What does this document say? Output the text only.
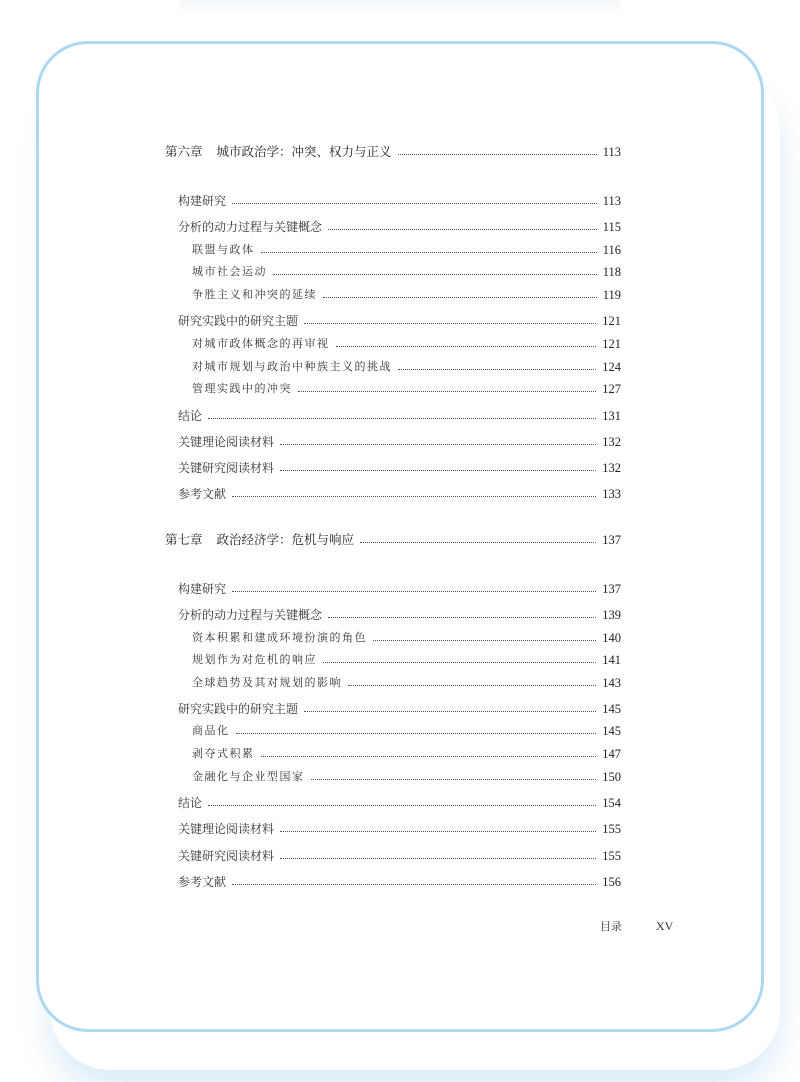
第六章 城市政治学：冲突、权力与正义	113
构建研究	113
分析的动力过程与关键概念	115
联盟与政体	116
城市社会运动	118
争胜主义和冲突的延续	119
研究实践中的研究主题	121
对城市政体概念的再审视	121
对城市规划与政治中种族主义的挑战	124
管理实践中的冲突	127
结论	131
关键理论阅读材料	132
关键研究阅读材料	132
参考文献	133
第七章 政治经济学：危机与响应	137
构建研究	137
分析的动力过程与关键概念	139
资本积累和建成环境扮演的角色	140
规划作为对危机的响应	141
全球趋势及其对规划的影响	143
研究实践中的研究主题	145
商品化	145
剥夺式积累	147
金融化与企业型国家	150
结论	154
关键理论阅读材料	155
关键研究阅读材料	155
参考文献	156
目录	XV
